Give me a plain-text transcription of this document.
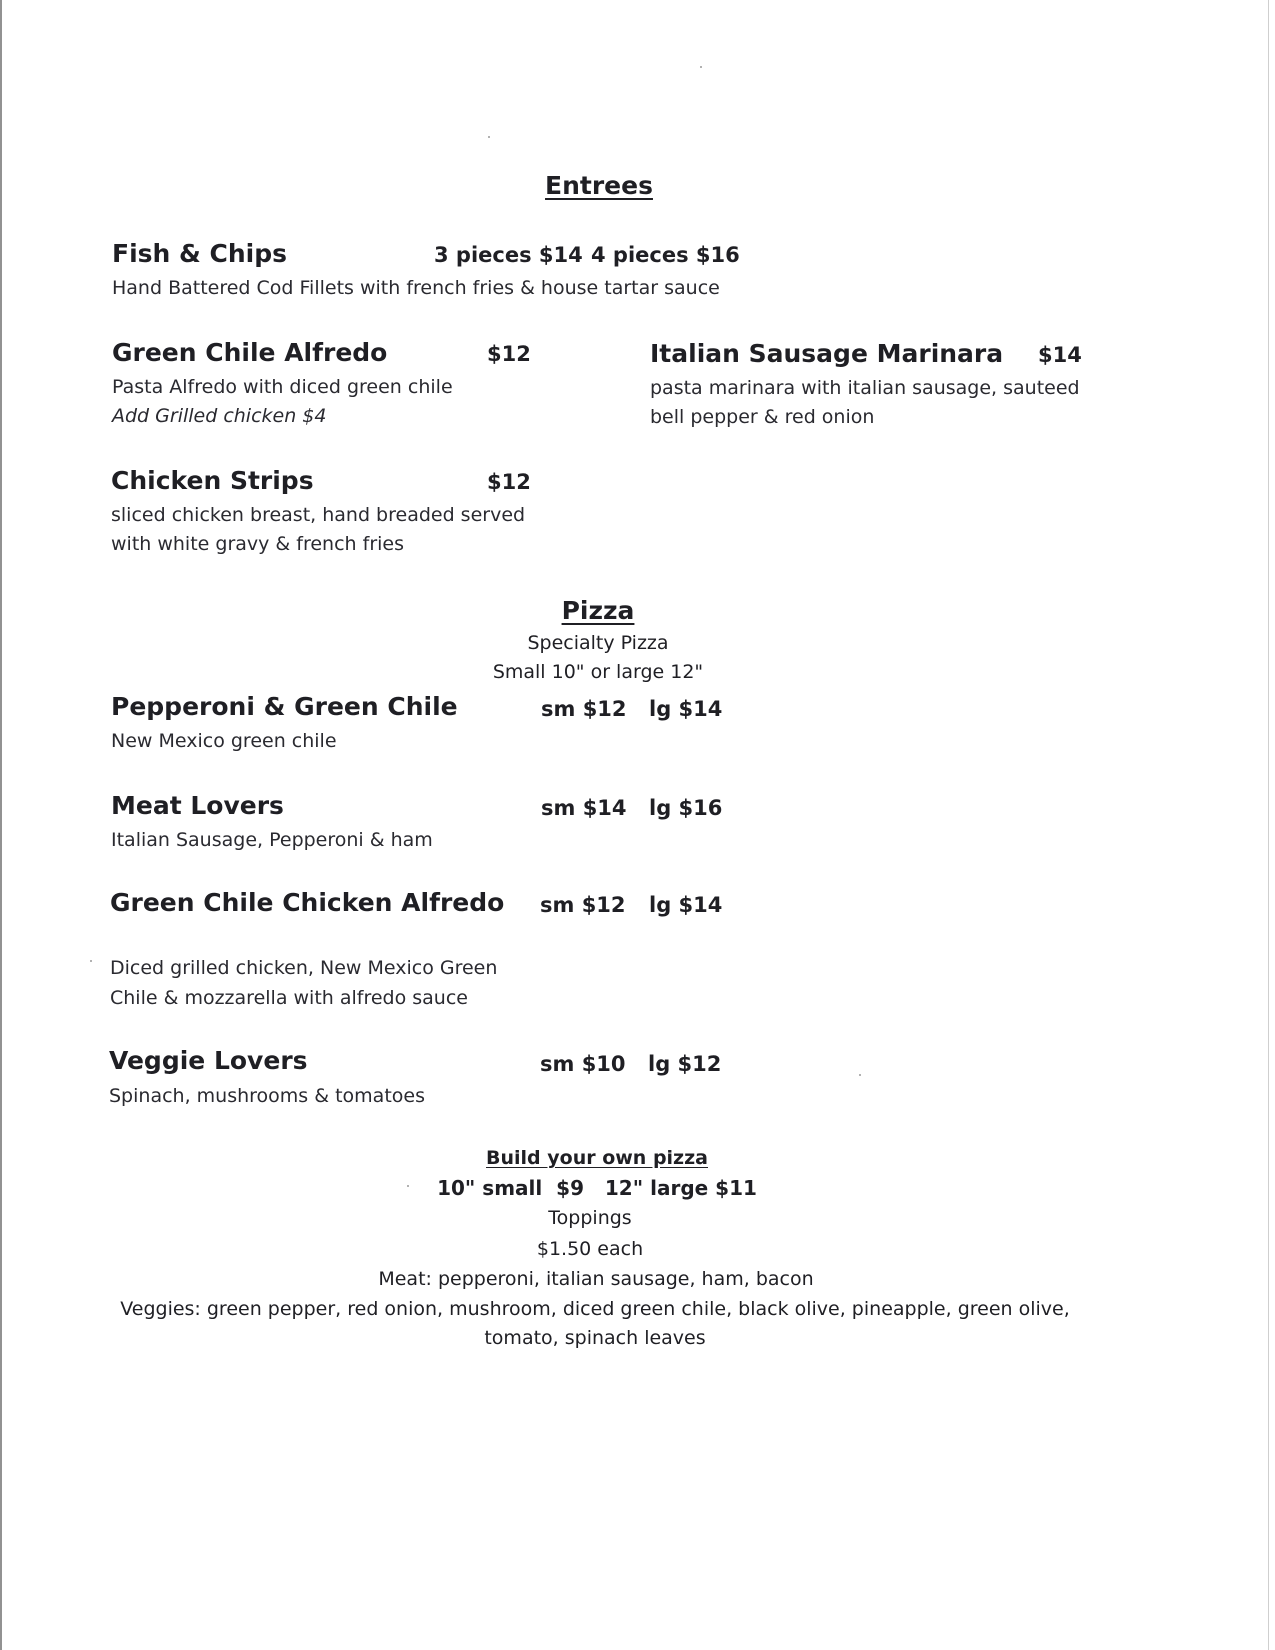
Entrees
Fish & Chips	3 pieces $14 4 pieces $16
Hand Battered Cod Fillets with french fries & house tartar sauce
Green Chile Alfredo	$12
Pasta Alfredo with diced green chile
Add Grilled chicken $4
Italian Sausage Marinara $14
pasta marinara with italian sausage, sauteed
bell pepper & red onion
Chicken Strips	$12
sliced chicken breast, hand breaded served
with white gravy & french fries
Pizza
Specialty Pizza
Small 10" or large 12"
Pepperoni & Green Chile	sm $12 lg $14
New Mexico green chile
Meat Lovers	sm $14 lg $16
Italian Sausage, Pepperoni & ham
Green Chile Chicken Alfredo sm $12 lg $14
Diced grilled chicken, New Mexico Green
Chile & mozzarella with alfredo sauce
Veggie Lovers	sm $10 lg $12
Spinach, mushrooms & tomatoes
Build your own pizza
10" small  $9   12" large $11
Toppings
$1.50 each
Meat: pepperoni, italian sausage, ham, bacon
Veggies: green pepper, red onion, mushroom, diced green chile, black olive, pineapple, green olive,
tomato, spinach leaves
